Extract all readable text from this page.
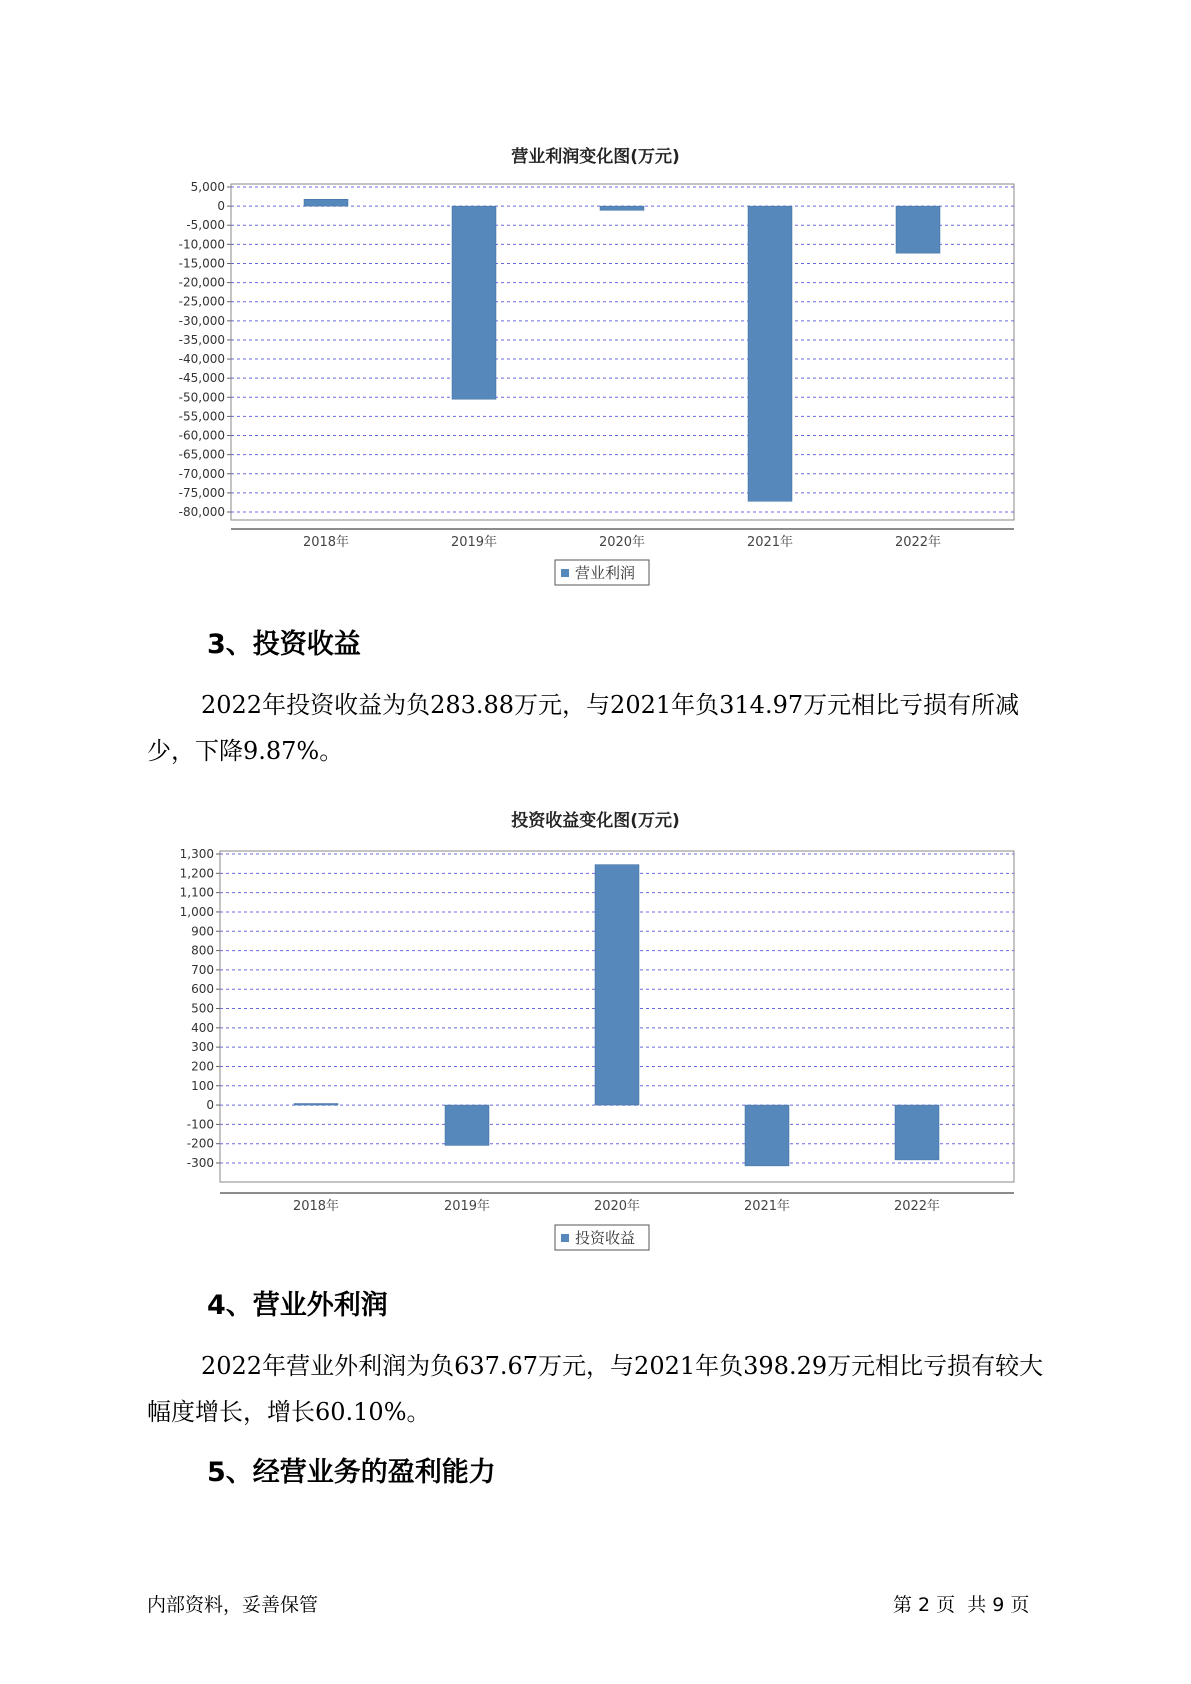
营业利润变化图(万元)
5,000
0
-5,000
-10,000
-15,000
-20,000
-25,000
-30,000
-35,000
-40,000
-45,000
-50,000
-55,000
-60,000
-65,000
-70,000
-75,000
-80,000
2018年	2019年	2020年	2021年	2022年
营业利润
3、投资收益

2022年投资收益为负283.88万元，与2021年负314.97万元相比亏损有所减少，下降9.87%。

投资收益变化图(万元)
1,300
1,200
1,100
1,000
900
800
700
600
500
400
300
200
100
0
-100
-200
-300
2018年	2019年	2020年	2021年	2022年
投资收益
4、营业外利润

2022年营业外利润为负637.67万元，与2021年负398.29万元相比亏损有较大幅度增长，增长60.10%。

5、经营业务的盈利能力
内部资料，妥善保管	第 2 页  共 9 页
